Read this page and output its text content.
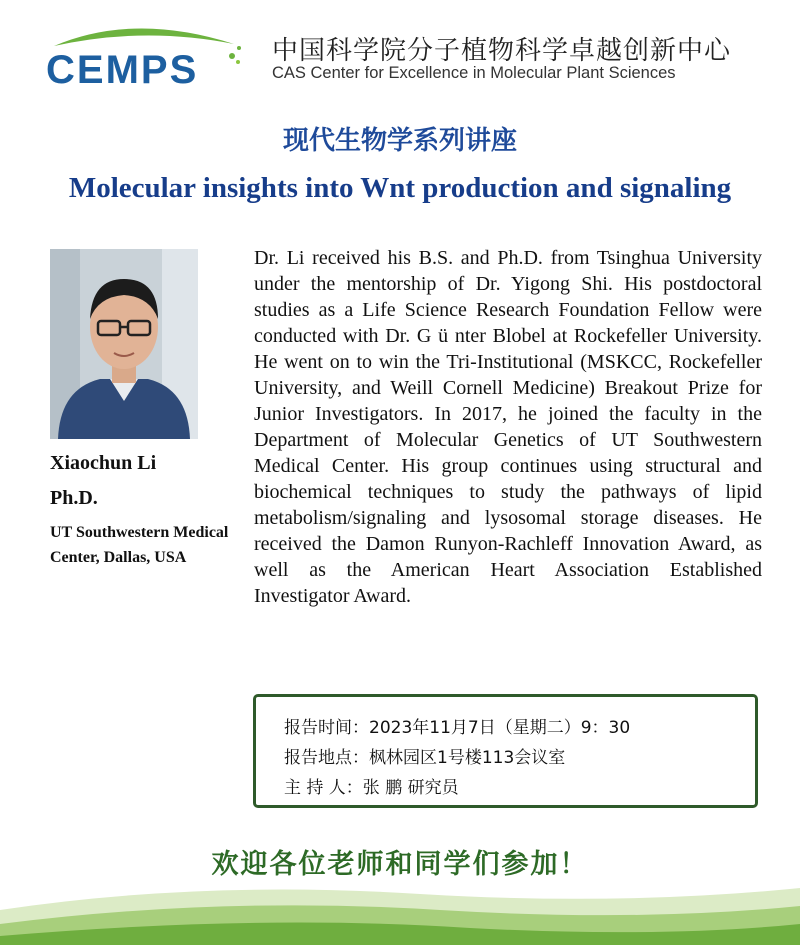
CEMPS	中国科学院分子植物科学卓越创新中心
CAS Center for Excellence in Molecular Plant Sciences
现代生物学系列讲座
Molecular insights into Wnt production and signaling
Xiaochun Li
Ph.D.
UT Southwestern Medical Center, Dallas, USA
Dr. Li received his B.S. and Ph.D. from Tsinghua University under the mentorship of Dr. Yigong Shi. His postdoctoral studies as a Life Science Research Foundation Fellow were conducted with Dr. G ü nter Blobel at Rockefeller University. He went on to win the Tri-Institutional (MSKCC, Rockefeller University, and Weill Cornell Medicine) Breakout Prize for Junior Investigators. In 2017, he joined the faculty in the Department of Molecular Genetics of UT Southwestern Medical Center. His group continues using structural and biochemical techniques to study the pathways of lipid metabolism/signaling and lysosomal storage diseases. He received the Damon Runyon-Rachleff Innovation Award, as well as the American Heart Association Established Investigator Award.
报告时间：2023年11月7日（星期二）9：30
报告地点：枫林园区1号楼113会议室
主 持 人：张 鹏 研究员
欢迎各位老师和同学们参加！
